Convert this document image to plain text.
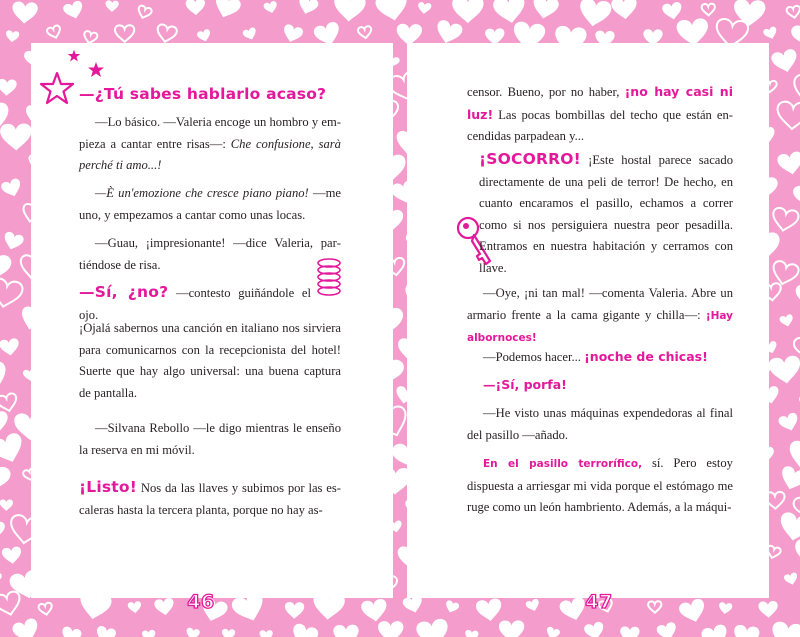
—¿Tú sabes hablarlo acaso?

—Lo básico. —Valeria encoge un hombro y empieza a cantar entre risas—: Che confusione, sarà perché ti amo...!

—È un'emozione che cresce piano piano! —me uno, y empezamos a cantar como unas locas.

—Guau, ¡impresionante! —dice Valeria, partiéndose de risa.

—Sí, ¿no? —contesto guiñándole el ojo.

¡Ojalá sabernos una canción en italiano nos sirviera para comunicarnos con la recepcionista del hotel! Suerte que hay algo universal: una buena captura de pantalla.

—Silvana Rebollo —le digo mientras le enseño la reserva en mi móvil.

¡Listo! Nos da las llaves y subimos por las escaleras hasta la tercera planta, porque no hay as-

46

censor. Bueno, por no haber, ¡no hay casi ni luz! Las pocas bombillas del techo que están encendidas parpadean y...

¡SOCORRO! ¡Este hostal parece sacado directamente de una peli de terror! De hecho, en cuanto encaramos el pasillo, echamos a correr como si nos persiguiera nuestra peor pesadilla. Entramos en nuestra habitación y cerramos con llave.

—Oye, ¡ni tan mal! —comenta Valeria. Abre un armario frente a la cama gigante y chilla—: ¡Hay albornoces!

—Podemos hacer... ¡noche de chicas!

—¡Sí, porfa!

—He visto unas máquinas expendedoras al final del pasillo —añado.

En el pasillo terrorífico, sí. Pero estoy dispuesta a arriesgar mi vida porque el estómago me ruge como un león hambriento. Además, a la máqui-

47
